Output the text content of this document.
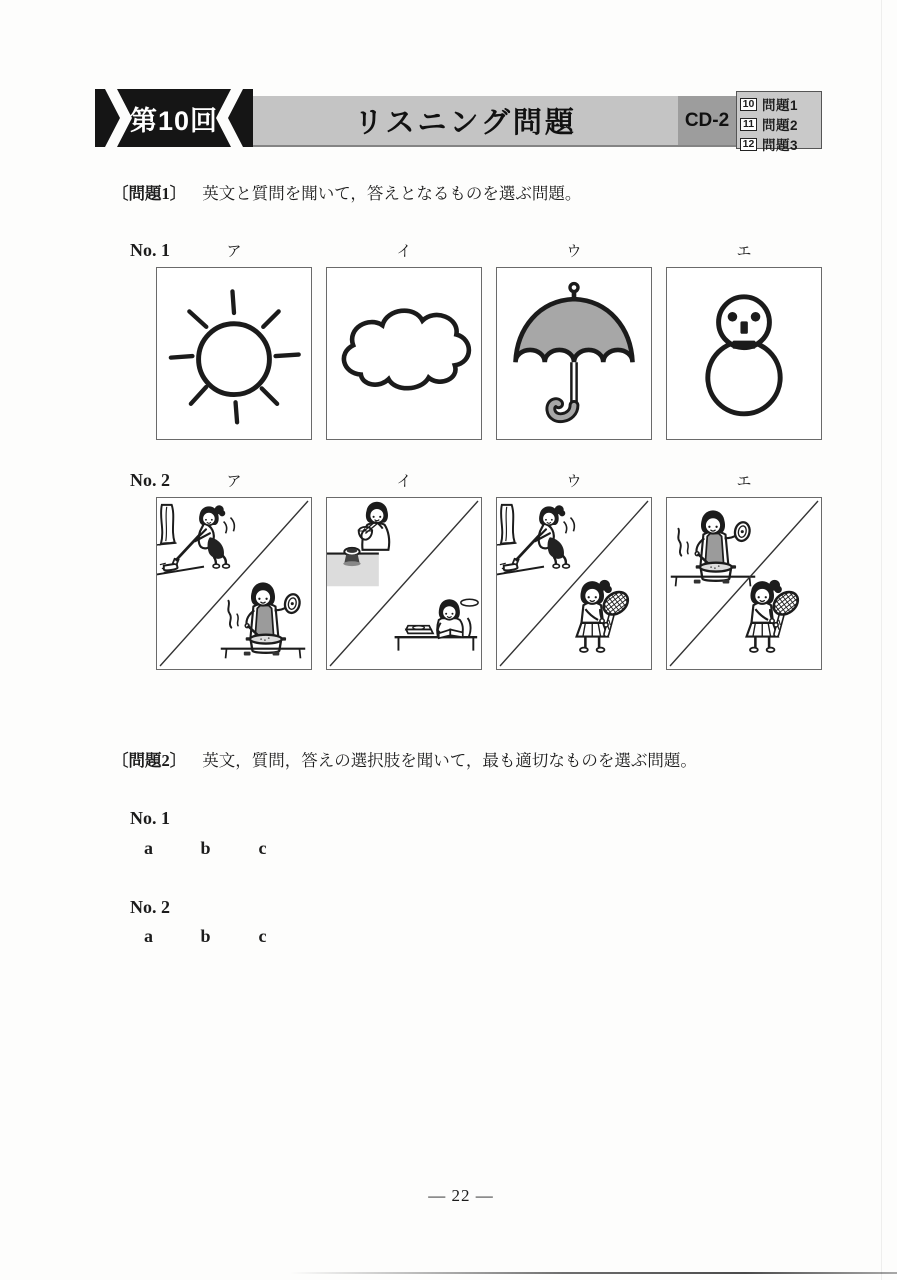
第10回	リスニング問題	CD-2
10 問題1
11 問題2
12 問題3
〔問題1〕 英文と質問を聞いて，答えとなるものを選ぶ問題。
No. 1	ア	イ	ウ	エ
No. 2	ア	イ	ウ	エ
〔問題2〕 英文，質問，答えの選択肢を聞いて，最も適切なものを選ぶ問題。
No. 1
a	b	c
No. 2
a	b	c
— 22 —
